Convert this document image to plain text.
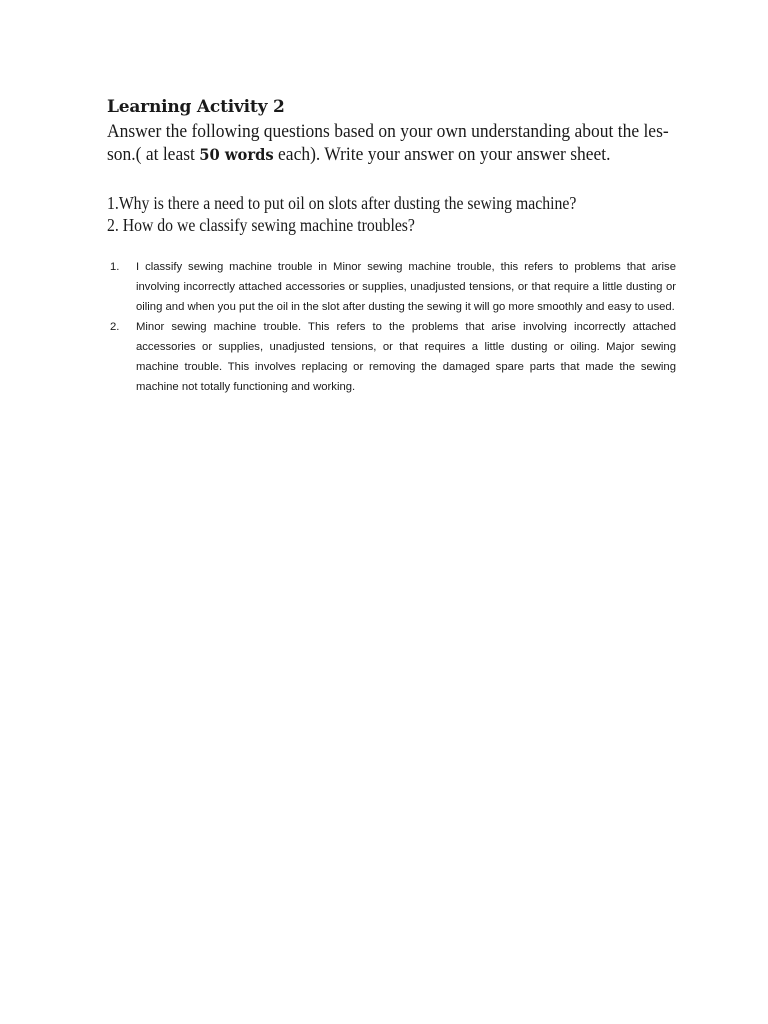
Learning Activity 2

Answer the following questions based on your own understanding about the les-son.( at least 50 words each). Write your answer on your answer sheet.

1.Why is there a need to put oil on slots after dusting the sewing machine?
2. How do we classify sewing machine troubles?
1. I classify sewing machine trouble in Minor sewing machine trouble, this refers to problems that arise involving incorrectly attached accessories or supplies, unadjusted tensions, or that require a little dusting or oiling and when you put the oil in the slot after dusting the sewing it will go more smoothly and easy to used.
2. Minor sewing machine trouble. This refers to the problems that arise involving incorrectly attached accessories or supplies, unadjusted tensions, or that requires a little dusting or oiling. Major sewing machine trouble. This involves replacing or removing the damaged spare parts that made the sewing machine not totally functioning and working.
